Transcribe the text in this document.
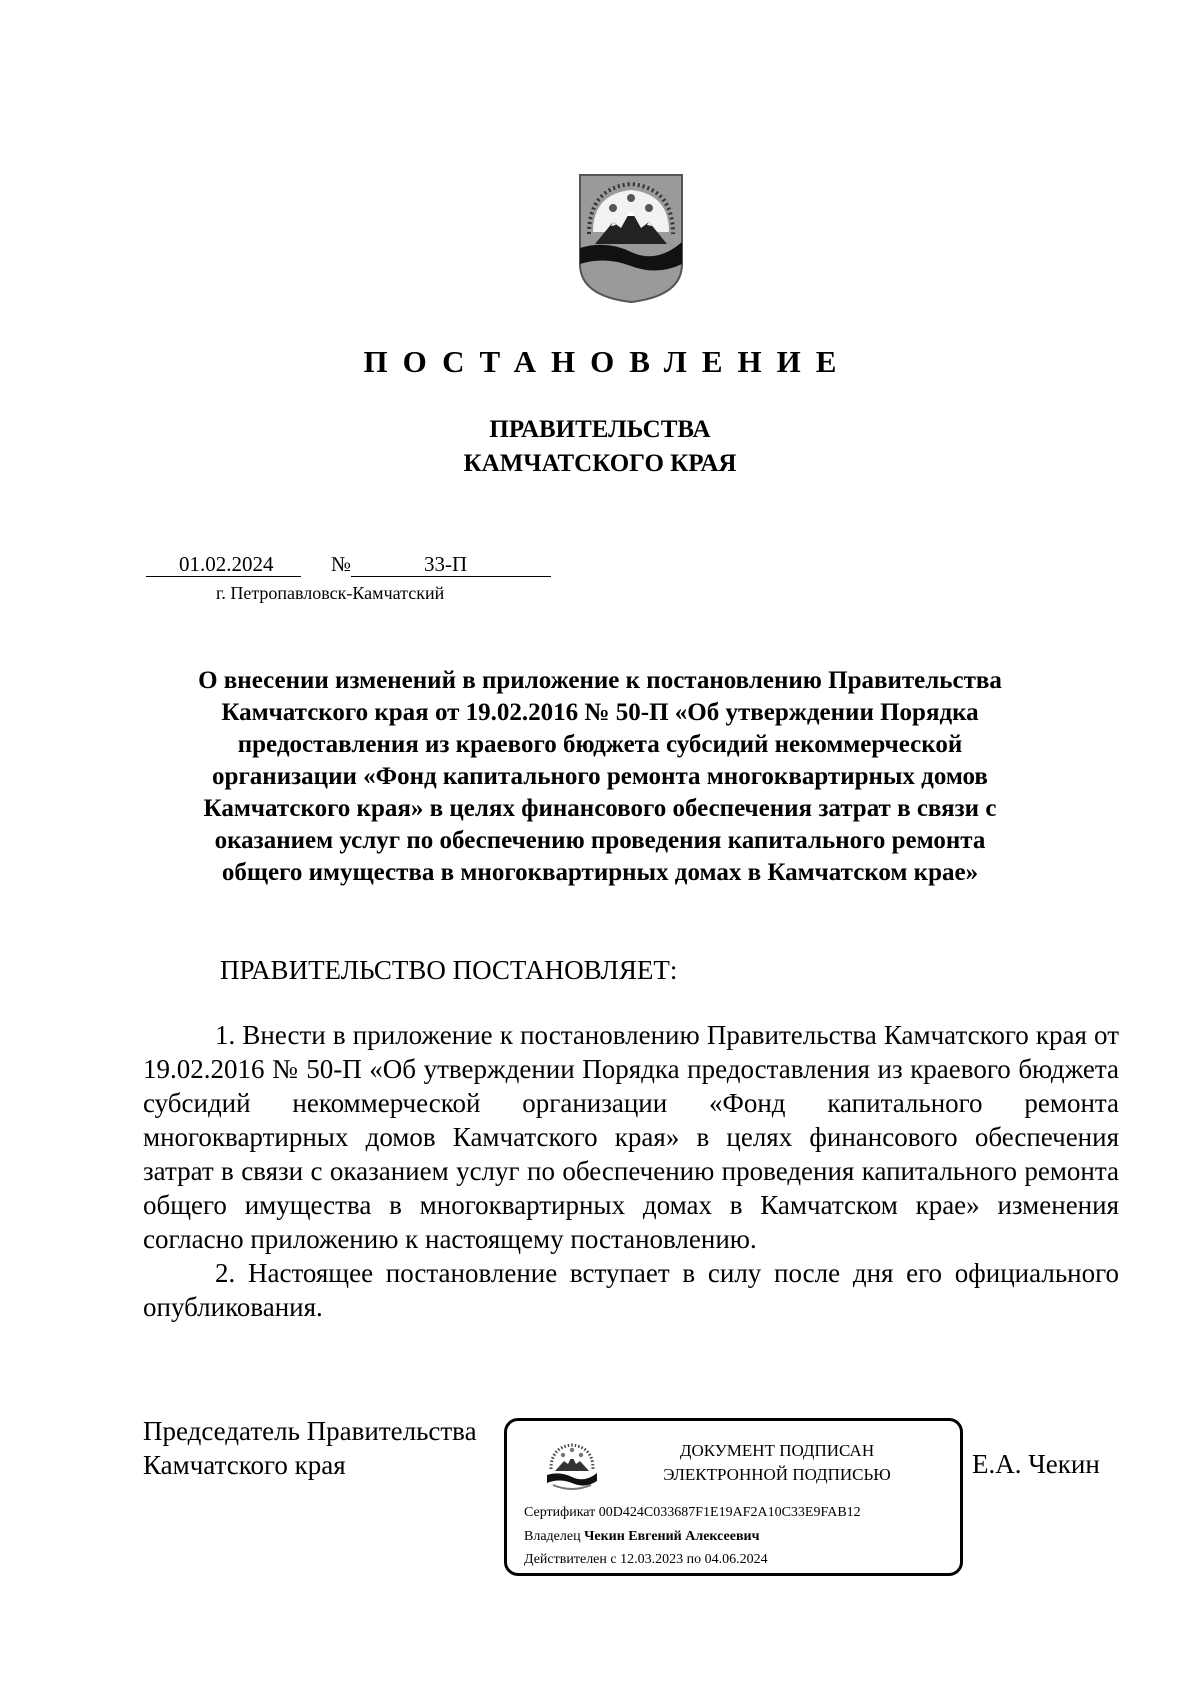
ПОСТАНОВЛЕНИЕ
ПРАВИТЕЛЬСТВА
КАМЧАТСКОГО КРАЯ
01.02.2024	№	33-П
г. Петропавловск-Камчатский
О внесении изменений в приложение к постановлению Правительства
Камчатского края от 19.02.2016 № 50-П «Об утверждении Порядка
предоставления из краевого бюджета субсидий некоммерческой
организации «Фонд капитального ремонта многоквартирных домов
Камчатского края» в целях финансового обеспечения затрат в связи с
оказанием услуг по обеспечению проведения капитального ремонта
общего имущества в многоквартирных домах в Камчатском крае»
ПРАВИТЕЛЬСТВО ПОСТАНОВЛЯЕТ:

1. Внести в приложение к постановлению Правительства Камчатского края от 19.02.2016 № 50-П «Об утверждении Порядка предоставления из краевого бюджета субсидий некоммерческой организации «Фонд капитального ремонта многоквартирных домов Камчатского края» в целях финансового обеспечения затрат в связи с оказанием услуг по обеспечению проведения капитального ремонта общего имущества в многоквартирных домах в Камчатском крае» изменения согласно приложению к настоящему постановлению.

2. Настоящее постановление вступает в силу после дня его официального опубликования.

Председатель Правительства
Камчатского края	ДОКУМЕНТ ПОДПИСАН
ЭЛЕКТРОННОЙ ПОДПИСЬЮ
Сертификат 00D424C033687F1E19AF2A10C33E9FAB12
Владелец Чекин Евгений Алексеевич
Действителен с 12.03.2023 по 04.06.2024
Е.А. Чекин
